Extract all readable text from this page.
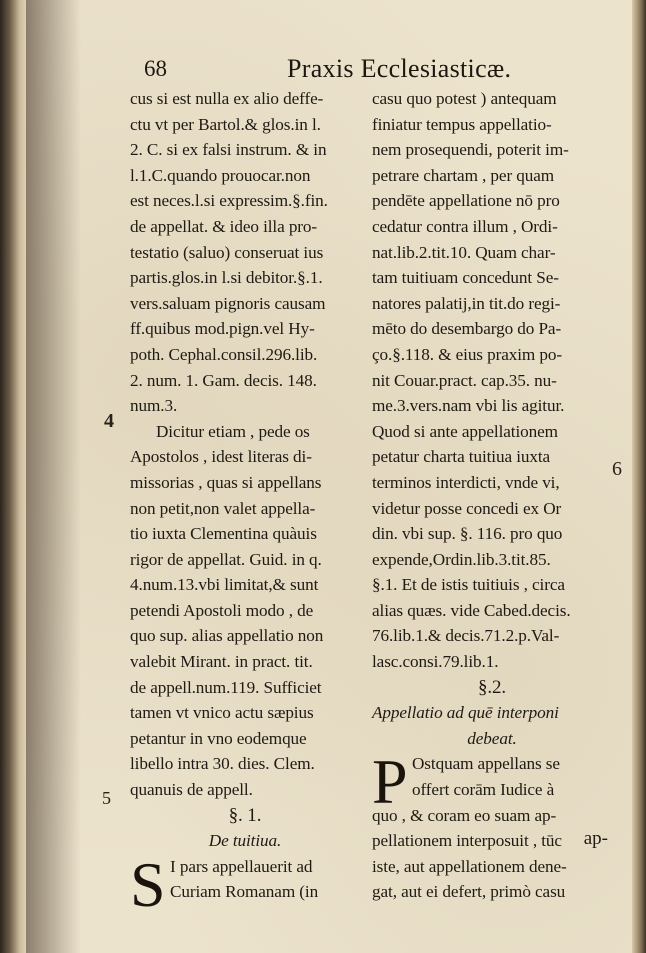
68	Praxis Ecclesiasticæ.
cus si est nulla ex alio deffe-
ctu vt per Bartol.& glos.in l.
2. C. si ex falsi instrum. & in
l.1.C.quando prouocar.non
est neces.l.si expressim.§.fin.
de appellat. & ideo illa pro-
testatio (saluo) conseruat ius
partis.glos.in l.si debitor.§.1.
vers.saluam pignoris causam
ff.quibus mod.pign.vel Hy-
poth. Cephal.consil.296.lib.
2. num. 1. Gam. decis. 148.
num.3.
Dicitur etiam , pede os
Apostolos , idest literas di-
missorias , quas si appellans
non petit,non valet appella-
tio iuxta Clementina quàuis
rigor de appellat. Guid. in q.
4.num.13.vbi limitat,& sunt
petendi Apostoli modo , de
quo sup. alias appellatio non
valebit Mirant. in pract. tit.
de appell.num.119. Sufficiet
tamen vt vnico actu sæpius
petantur in vno eodemque
libello intra 30. dies. Clem.
quanuis de appell.
§. 1.
De tuitiua.
S I pars appellauerit ad
Curiam Romanam (in
casu quo potest ) antequam
finiatur tempus appellatio-
nem prosequendi, poterit im-
petrare chartam , per quam
pendēte appellatione nō pro
cedatur contra illum , Ordi-
nat.lib.2.tit.10. Quam char-
tam tuitiuam concedunt Se-
natores palatij,in tit.do regi-
mēto do desembargo do Pa-
ço.§.118. & eius praxim po-
nit Couar.pract. cap.35. nu-
me.3.vers.nam vbi lis agitur.
Quod si ante appellationem
petatur charta tuitiua iuxta
terminos interdicti, vnde vi,
videtur posse concedi ex Or
din. vbi sup. §. 116. pro quo
expende,Ordin.lib.3.tit.85.
§.1. Et de istis tuitiuis , circa
alias quæs. vide Cabed.decis.
76.lib.1.& decis.71.2.p.Val-
lasc.consi.79.lib.1.
§.2.
Appellatio ad quē interponi
debeat.
P Ostquam appellans se
offert corām Iudice à
quo , & coram eo suam ap-
pellationem interposuit , tūc
iste, aut appellationem dene-
gat, aut ei defert, primò casu
4
5
6
ap-
